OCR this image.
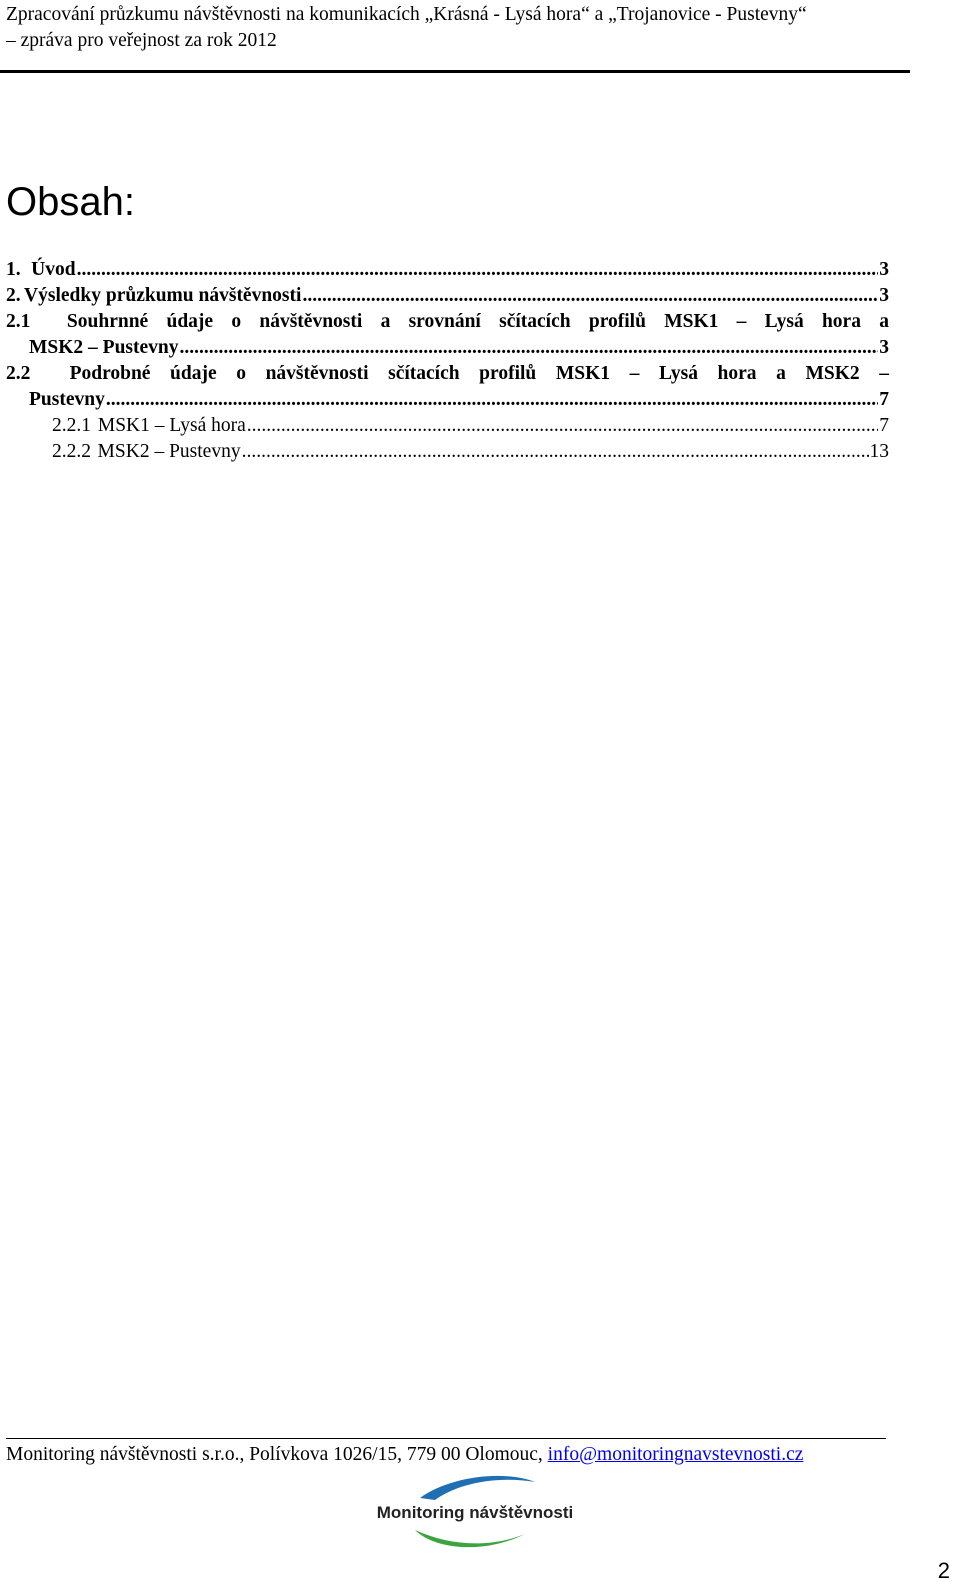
Zpracování průzkumu návštěvnosti na komunikacích „Krásná - Lysá hora“ a „Trojanovice - Pustevny“
– zpráva pro veřejnost za rok 2012
Obsah:
1. Úvod .....	3
2. Výsledky průzkumu návštěvnosti .....	3
2.1 Souhrnné údaje o návštěvnosti a srovnání sčítacích profilů MSK1 – Lysá hora a
MSK2 – Pustevny .....	3
2.2 Podrobné údaje o návštěvnosti sčítacích profilů MSK1 – Lysá hora a MSK2 –
Pustevny .....	7
2.2.1 MSK1 – Lysá hora .....	7
2.2.2 MSK2 – Pustevny .....	13
Monitoring návštěvnosti s.r.o., Polívkova 1026/15, 779 00 Olomouc, info@monitoringnavstevnosti.cz
Monitoring návštěvnosti
2
